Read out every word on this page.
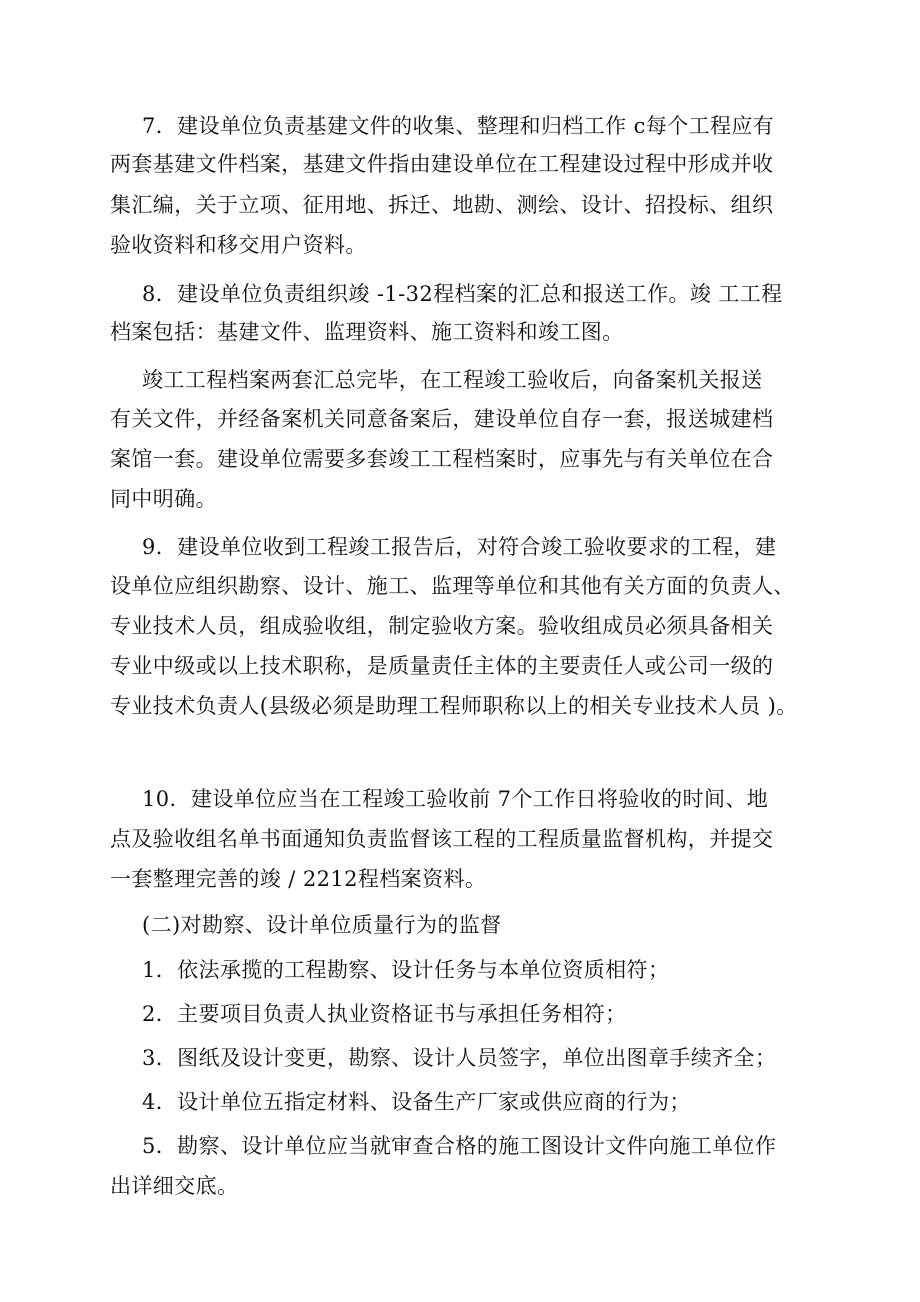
7．建设单位负责基建文件的收集、整理和归档工作 c每个工程应有
两套基建文件档案，基建文件指由建设单位在工程建设过程中形成并收
集汇编，关于立项、征用地、拆迁、地勘、测绘、设计、招投标、组织
验收资料和移交用户资料。
8．建设单位负责组织竣 -1-32程档案的汇总和报送工作。竣 工工程
档案包括：基建文件、监理资料、施工资料和竣工图。
竣工工程档案两套汇总完毕，在工程竣工验收后，向备案机关报送
有关文件，并经备案机关同意备案后，建设单位自存一套，报送城建档
案馆一套。建设单位需要多套竣工工程档案时，应事先与有关单位在合
同中明确。
9．建设单位收到工程竣工报告后，对符合竣工验收要求的工程，建
设单位应组织勘察、设计、施工、监理等单位和其他有关方面的负责人、
专业技术人员，组成验收组，制定验收方案。验收组成员必须具备相关
专业中级或以上技术职称，是质量责任主体的主要责任人或公司一级的
专业技术负责人(县级必须是助理工程师职称以上的相关专业技术人员 )。
10．建设单位应当在工程竣工验收前 7个工作日将验收的时间、地
点及验收组名单书面通知负责监督该工程的工程质量监督机构，并提交
一套整理完善的竣 / 2212程档案资料。
(二)对勘察、设计单位质量行为的监督
1．依法承揽的工程勘察、设计任务与本单位资质相符；
2．主要项目负责人执业资格证书与承担任务相符；
3．图纸及设计变更，勘察、设计人员签字，单位出图章手续齐全；
4．设计单位五指定材料、设备生产厂家或供应商的行为；
5．勘察、设计单位应当就审查合格的施工图设计文件向施工单位作
出详细交底。
